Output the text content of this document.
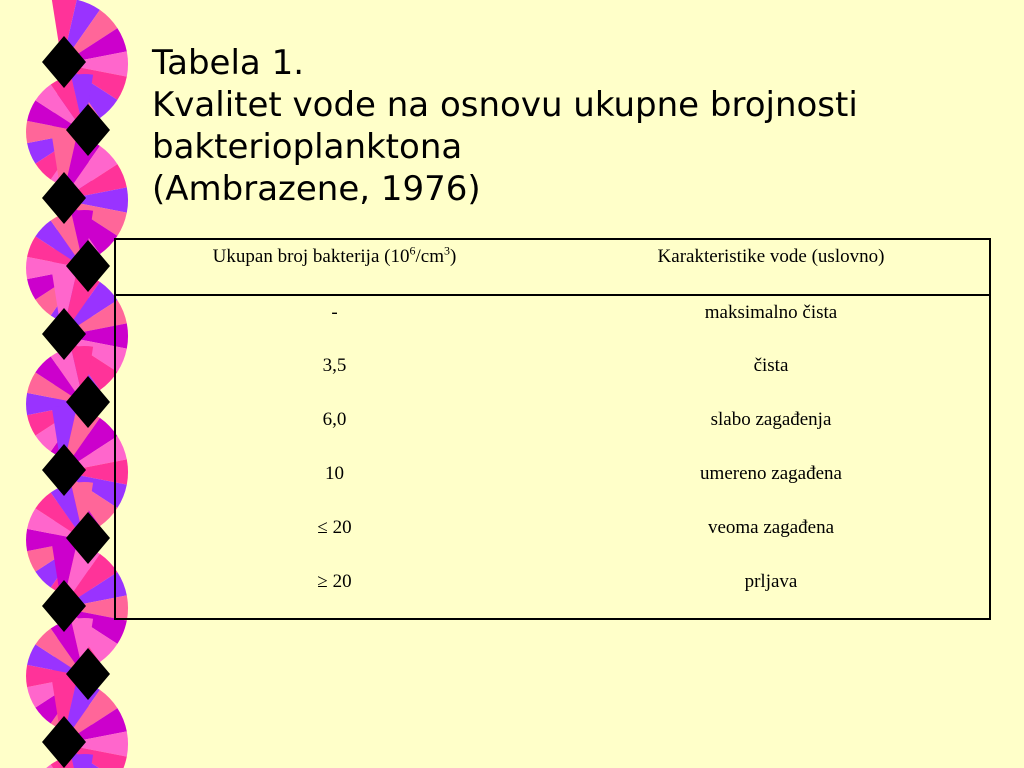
Tabela 1.
Kvalitet vode na osnovu ukupne brojnosti
bakterioplanktona
(Ambrazene, 1976)
Ukupan broj bakterija $(10^6/cm^3)$	Karakteristike vode (uslovno)
-	maksimalno čista
3,5	čista
6,0	slabo zagađenja
10	umereno zagađena
≤ 20	veoma zagađena
≥ 20	prljava
